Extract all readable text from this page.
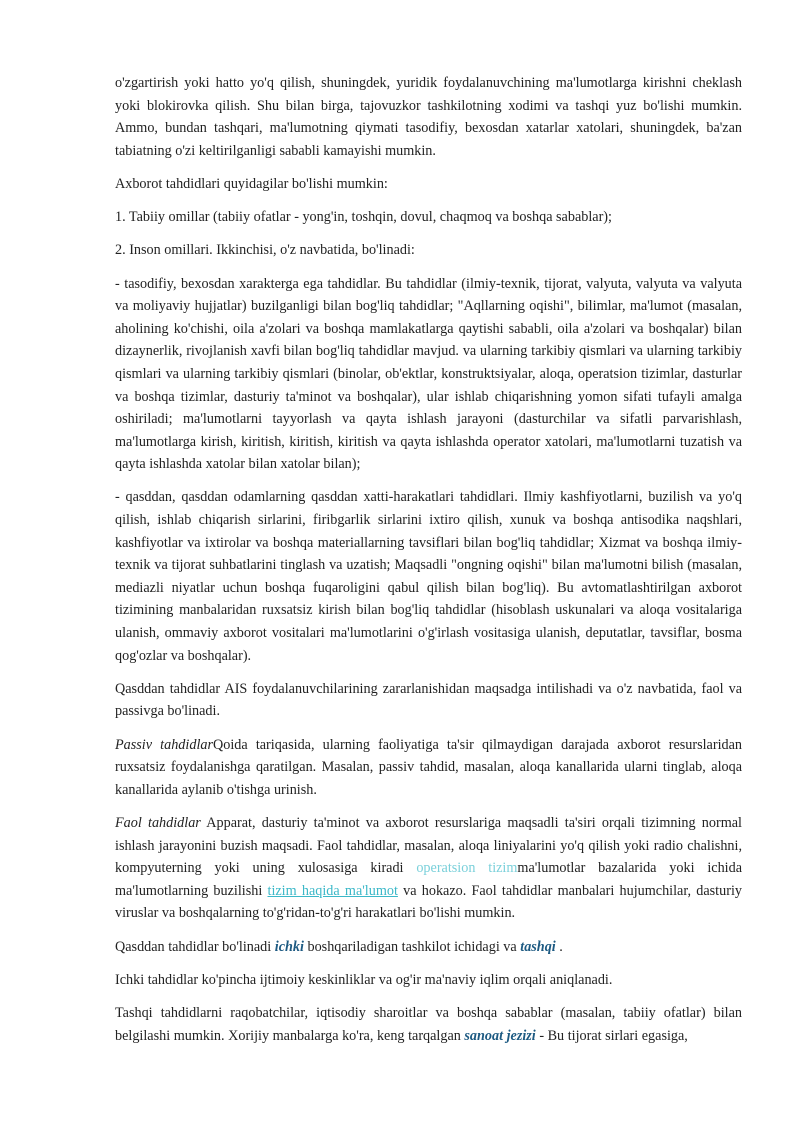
o'zgartirish yoki hatto yo'q qilish, shuningdek, yuridik foydalanuvchining ma'lumotlarga kirishni cheklash yoki blokirovka qilish. Shu bilan birga, tajovuzkor tashkilotning xodimi va tashqi yuz bo'lishi mumkin. Ammo, bundan tashqari, ma'lumotning qiymati tasodifiy, bexosdan xatarlar xatolari, shuningdek, ba'zan tabiatning o'zi keltirilganligi sababli kamayishi mumkin.

Axborot tahdidlari quyidagilar bo'lishi mumkin:

1. Tabiiy omillar (tabiiy ofatlar - yong'in, toshqin, dovul, chaqmoq va boshqa sabablar);

2. Inson omillari. Ikkinchisi, o'z navbatida, bo'linadi:

- tasodifiy, bexosdan xarakterga ega tahdidlar. Bu tahdidlar (ilmiy-texnik, tijorat, valyuta, valyuta va valyuta va moliyaviy hujjatlar) buzilganligi bilan bog'liq tahdidlar; "Aqllarning oqishi", bilimlar, ma'lumot (masalan, aholining ko'chishi, oila a'zolari va boshqa mamlakatlarga qaytishi sababli, oila a'zolari va boshqalar) bilan dizaynerlik, rivojlanish xavfi bilan bog'liq tahdidlar mavjud. va ularning tarkibiy qismlari va ularning tarkibiy qismlari va ularning tarkibiy qismlari (binolar, ob'ektlar, konstruktsiyalar, aloqa, operatsion tizimlar, dasturlar va boshqa tizimlar, dasturiy ta'minot va boshqalar), ular ishlab chiqarishning yomon sifati tufayli amalga oshiriladi; ma'lumotlarni tayyorlash va qayta ishlash jarayoni (dasturchilar va sifatli parvarishlash, ma'lumotlarga kirish, kiritish, kiritish, kiritish va qayta ishlashda operator xatolari, ma'lumotlarni tuzatish va qayta ishlashda xatolar bilan xatolar bilan);

- qasddan, qasddan odamlarning qasddan xatti-harakatlari tahdidlari. Ilmiy kashfiyotlarni, buzilish va yo'q qilish, ishlab chiqarish sirlarini, firibgarlik sirlarini ixtiro qilish, xunuk va boshqa antisodika naqshlari, kashfiyotlar va ixtirolar va boshqa materiallarning tavsiflari bilan bog'liq tahdidlar; Xizmat va boshqa ilmiy-texnik va tijorat suhbatlarini tinglash va uzatish; Maqsadli "ongning oqishi" bilan ma'lumotni bilish (masalan, mediazli niyatlar uchun boshqa fuqaroligini qabul qilish bilan bog'liq). Bu avtomatlashtirilgan axborot tizimining manbalaridan ruxsatsiz kirish bilan bog'liq tahdidlar (hisoblash uskunalari va aloqa vositalariga ulanish, ommaviy axborot vositalari ma'lumotlarini o'g'irlash vositasiga ulanish, deputatlar, tavsiflar, bosma qog'ozlar va boshqalar).

Qasddan tahdidlar AIS foydalanuvchilarining zararlanishidan maqsadga intilishadi va o'z navbatida, faol va passivga bo'linadi.

Passiv tahdidlarQoida tariqasida, ularning faoliyatiga ta'sir qilmaydigan darajada axborot resurslaridan ruxsatsiz foydalanishga qaratilgan. Masalan, passiv tahdid, masalan, aloqa kanallarida ularni tinglab, aloqa kanallarida aylanib o'tishga urinish.

Faol tahdidlar Apparat, dasturiy ta'minot va axborot resurslariga maqsadli ta'siri orqali tizimning normal ishlash jarayonini buzish maqsadi. Faol tahdidlar, masalan, aloqa liniyalarini yo'q qilish yoki radio chalishni, kompyuterning yoki uning xulosasiga kiradi operatsion tizimma'lumotlar bazalarida yoki ichida ma'lumotlarning buzilishi tizim haqida ma'lumot va hokazo. Faol tahdidlar manbalari hujumchilar, dasturiy viruslar va boshqalarning to'g'ridan-to'g'ri harakatlari bo'lishi mumkin.

Qasddan tahdidlar bo'linadi ichki boshqariladigan tashkilot ichidagi va tashqi .

Ichki tahdidlar ko'pincha ijtimoiy keskinliklar va og'ir ma'naviy iqlim orqali aniqlanadi.

Tashqi tahdidlarni raqobatchilar, iqtisodiy sharoitlar va boshqa sabablar (masalan, tabiiy ofatlar) bilan belgilashi mumkin. Xorijiy manbalarga ko'ra, keng tarqalgan sanoat jezizi - Bu tijorat sirlari egasiga,
